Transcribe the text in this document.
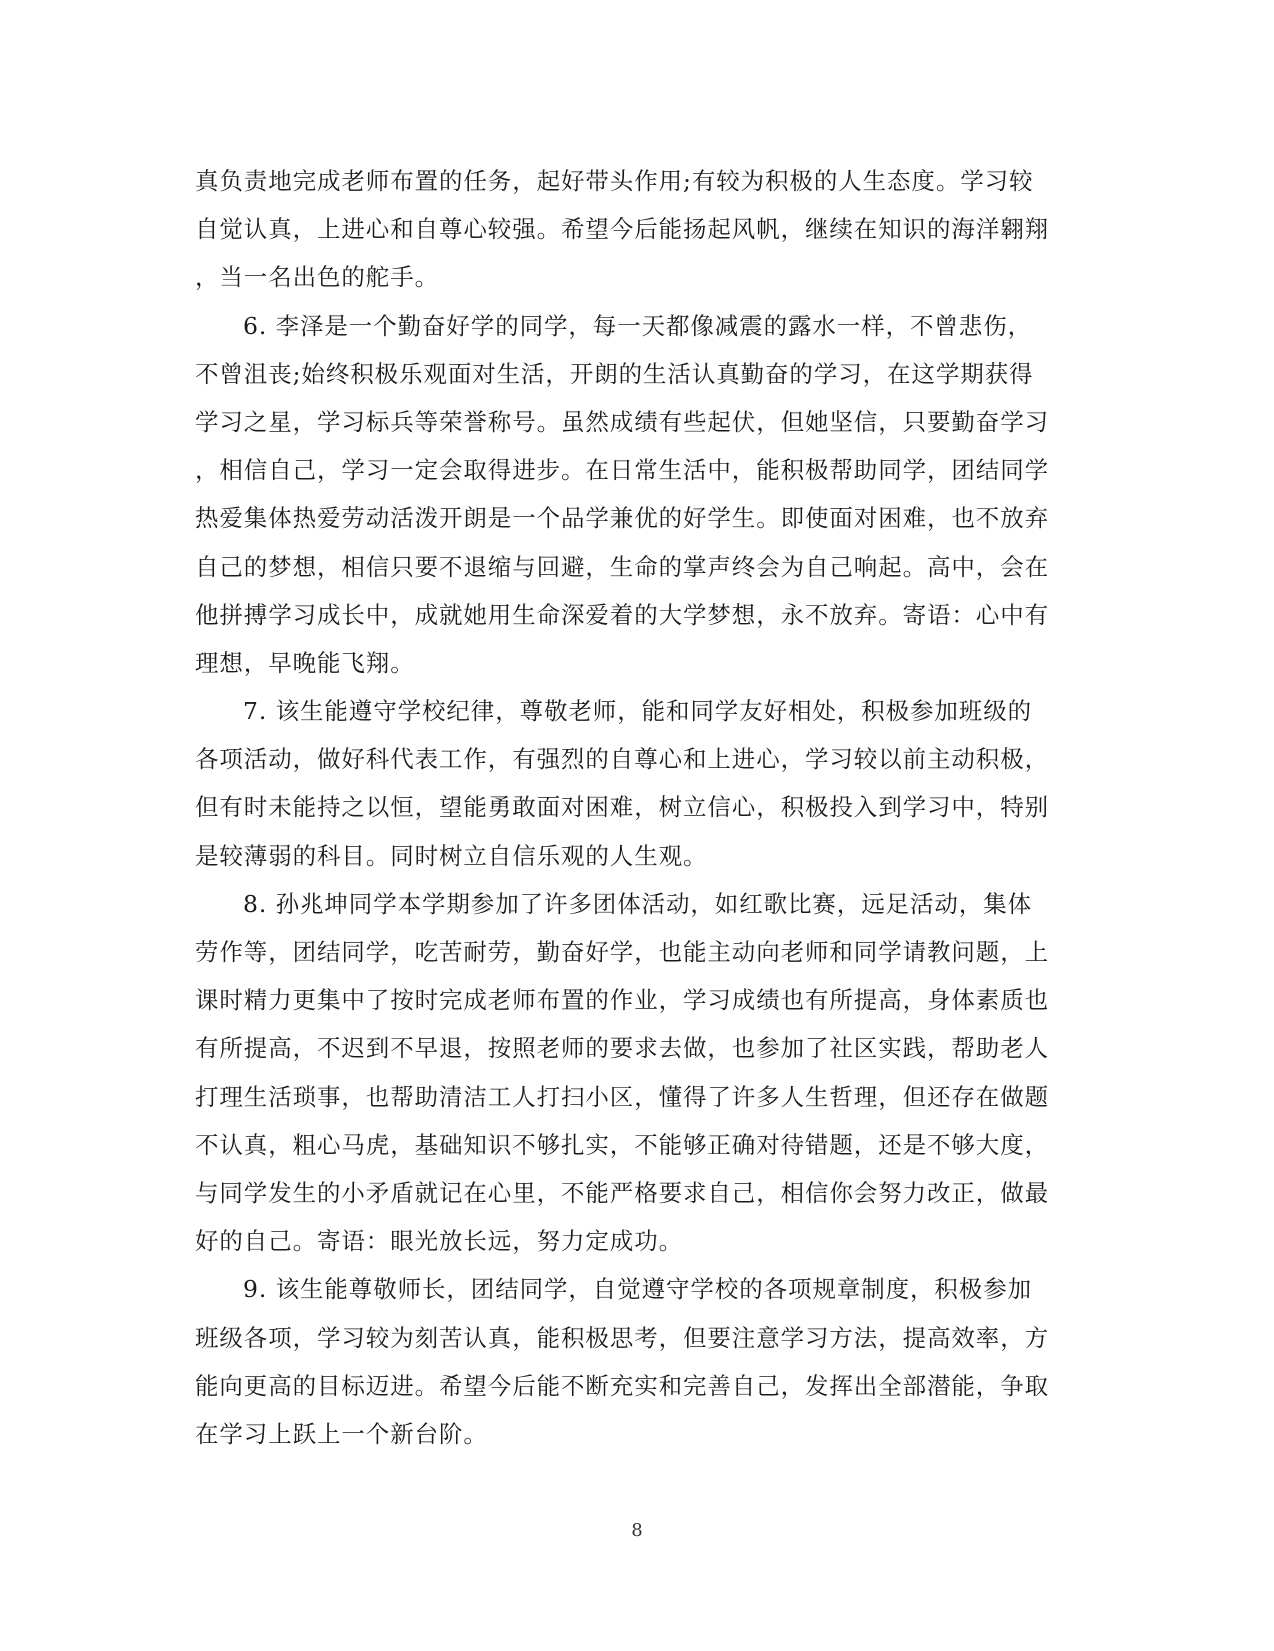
真负责地完成老师布置的任务，起好带头作用;有较为积极的人生态度。学习较
自觉认真，上进心和自尊心较强。希望今后能扬起风帆，继续在知识的海洋翱翔
，当一名出色的舵手。
6. 李泽是一个勤奋好学的同学，每一天都像减震的露水一样，不曾悲伤，
不曾沮丧;始终积极乐观面对生活，开朗的生活认真勤奋的学习，在这学期获得
学习之星，学习标兵等荣誉称号。虽然成绩有些起伏，但她坚信，只要勤奋学习
，相信自己，学习一定会取得进步。在日常生活中，能积极帮助同学，团结同学
热爱集体热爱劳动活泼开朗是一个品学兼优的好学生。即使面对困难，也不放弃
自己的梦想，相信只要不退缩与回避，生命的掌声终会为自己响起。高中，会在
他拼搏学习成长中，成就她用生命深爱着的大学梦想，永不放弃。寄语：心中有
理想，早晚能飞翔。
7. 该生能遵守学校纪律，尊敬老师，能和同学友好相处，积极参加班级的
各项活动，做好科代表工作，有强烈的自尊心和上进心，学习较以前主动积极，
但有时未能持之以恒，望能勇敢面对困难，树立信心，积极投入到学习中，特别
是较薄弱的科目。同时树立自信乐观的人生观。
8. 孙兆坤同学本学期参加了许多团体活动，如红歌比赛，远足活动，集体
劳作等，团结同学，吃苦耐劳，勤奋好学，也能主动向老师和同学请教问题，上
课时精力更集中了按时完成老师布置的作业，学习成绩也有所提高，身体素质也
有所提高，不迟到不早退，按照老师的要求去做，也参加了社区实践，帮助老人
打理生活琐事，也帮助清洁工人打扫小区，懂得了许多人生哲理，但还存在做题
不认真，粗心马虎，基础知识不够扎实，不能够正确对待错题，还是不够大度，
与同学发生的小矛盾就记在心里，不能严格要求自己，相信你会努力改正，做最
好的自己。寄语：眼光放长远，努力定成功。
9. 该生能尊敬师长，团结同学，自觉遵守学校的各项规章制度，积极参加
班级各项，学习较为刻苦认真，能积极思考，但要注意学习方法，提高效率，方
能向更高的目标迈进。希望今后能不断充实和完善自己，发挥出全部潜能，争取
在学习上跃上一个新台阶。
8
